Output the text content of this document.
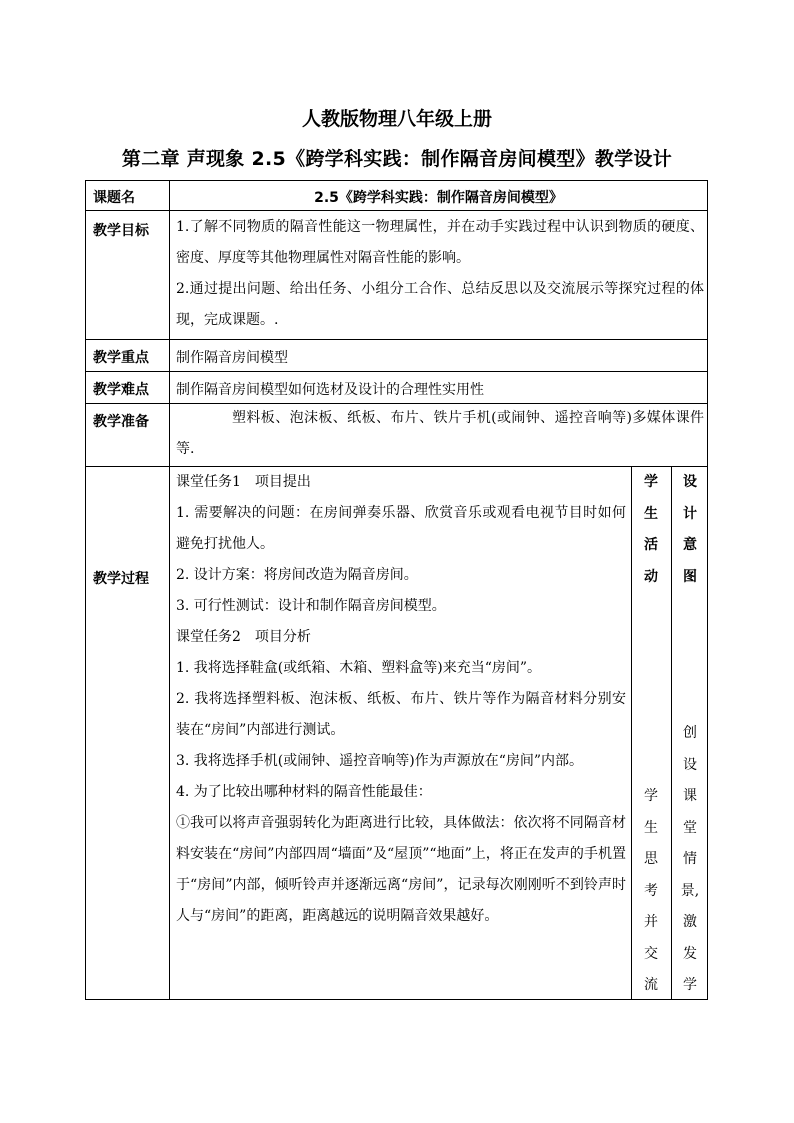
人教版物理八年级上册
第二章 声现象 2.5《跨学科实践：制作隔音房间模型》教学设计
课题名	2.5《跨学科实践：制作隔音房间模型》
教学目标 1.了解不同物质的隔音性能这一物理属性，并在动手实践过程中认识到物质的硬度、密度、厚度等其他物理属性对隔音性能的影响。
2.通过提出问题、给出任务、小组分工合作、总结反思以及交流展示等探究过程的体现，完成课题。.
教学重点 制作隔音房间模型
教学难点 制作隔音房间模型如何选材及设计的合理性实用性
教学准备	塑料板、泡沫板、纸板、布片、铁片手机(或闹钟、遥控音响等)多媒体课件等.
教学过程
课堂任务1　项目提出
1. 需要解决的问题：在房间弹奏乐器、欣赏音乐或观看电视节目时如何避免打扰他人。
2. 设计方案：将房间改造为隔音房间。
3. 可行性测试：设计和制作隔音房间模型。
课堂任务2　项目分析
1. 我将选择鞋盒(或纸箱、木箱、塑料盒等)来充当“房间”。
2. 我将选择塑料板、泡沫板、纸板、布片、铁片等作为隔音材料分别安装在“房间”内部进行测试。
3. 我将选择手机(或闹钟、遥控音响等)作为声源放在“房间”内部。
4. 为了比较出哪种材料的隔音性能最佳：
①我可以将声音强弱转化为距离进行比较，具体做法：依次将不同隔音材料安装在“房间”内部四周“墙面”及“屋顶”“地面”上，将正在发声的手机置于“房间”内部，倾听铃声并逐渐远离“房间”，记录每次刚刚听不到铃声时人与“房间”的距离，距离越远的说明隔音效果越好。
学
生
活
动
学
生
思
考
并
交
流
设
计
意
图
创
设
课
堂
情
景,
激
发
学
